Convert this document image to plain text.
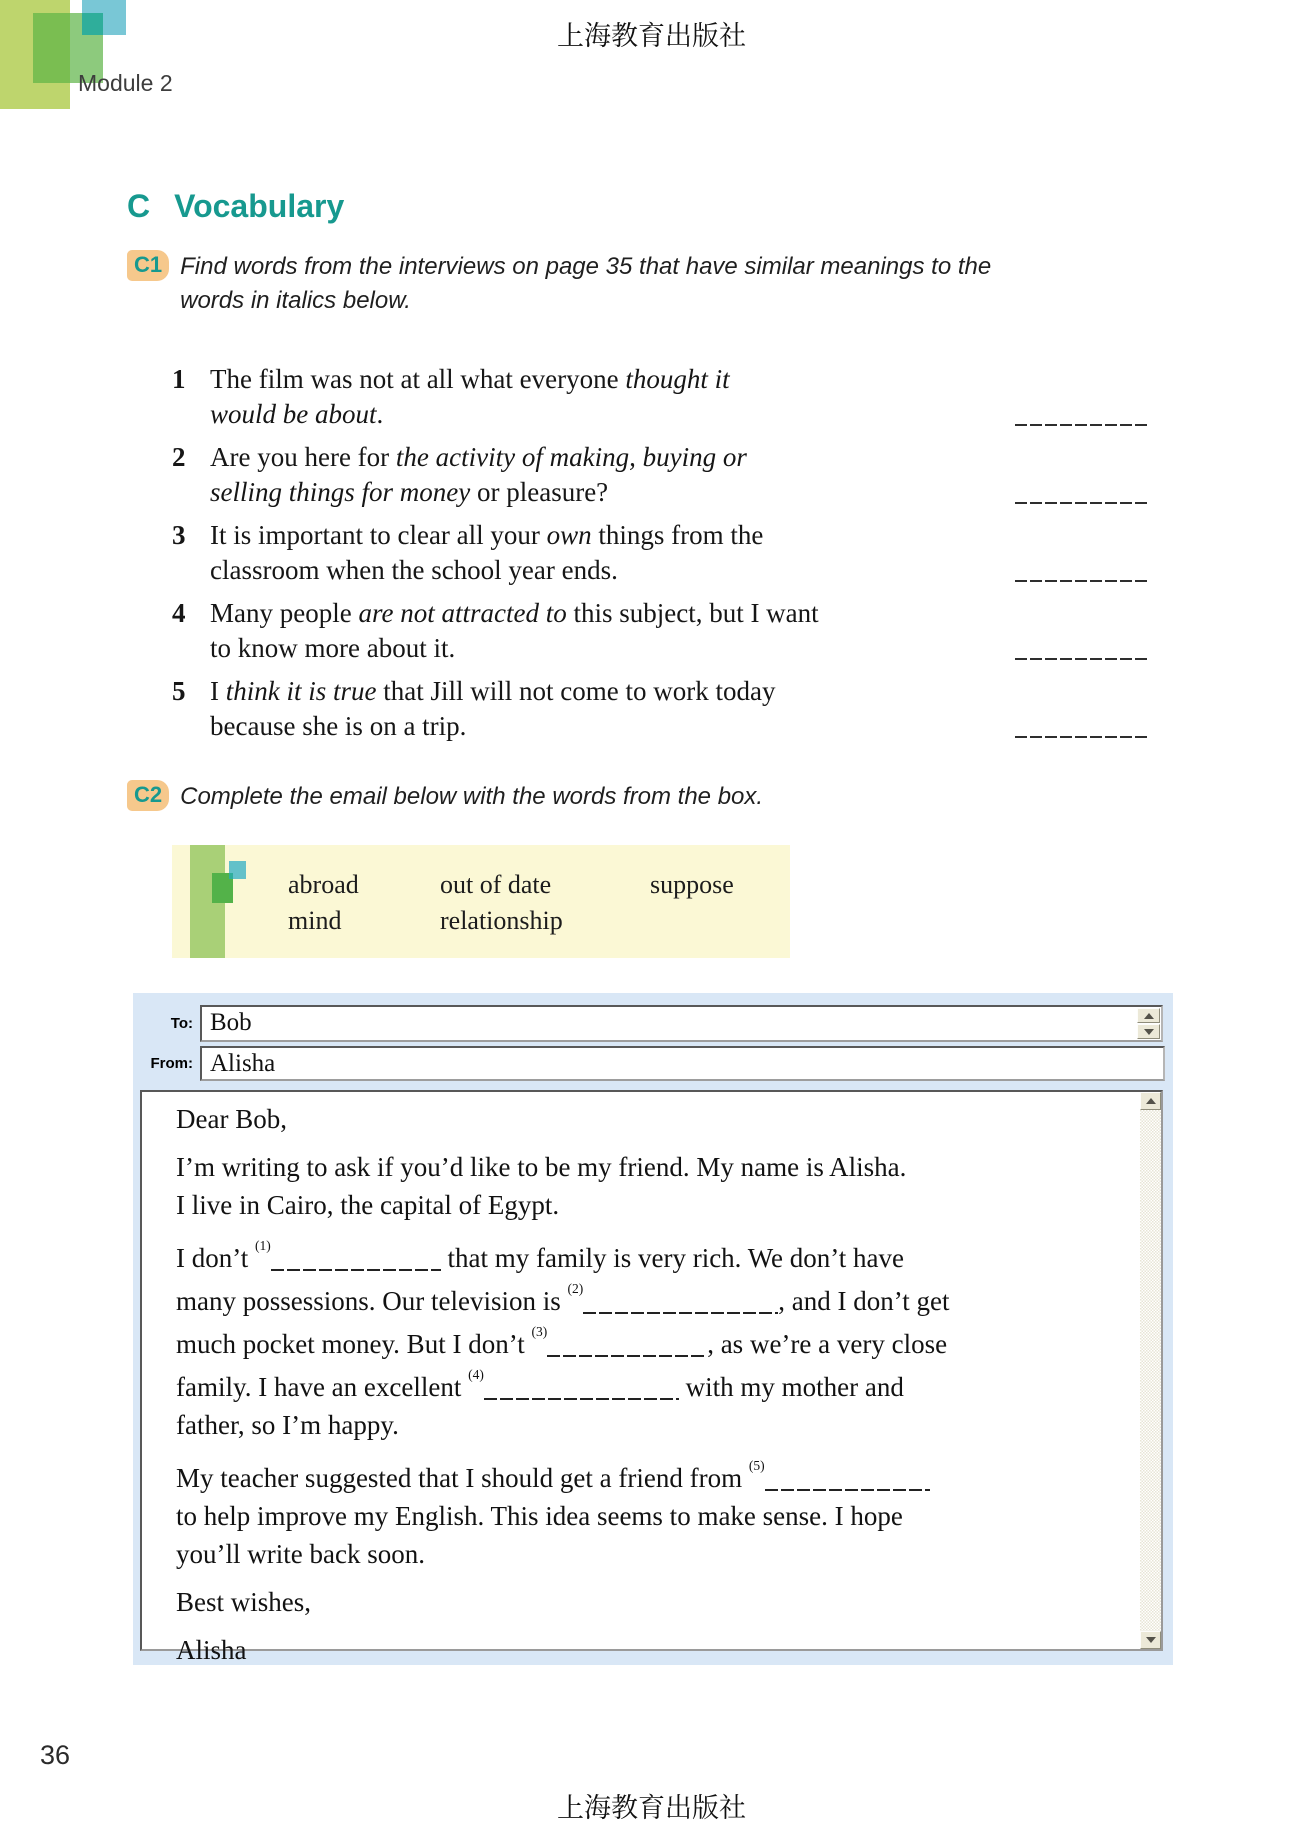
上海教育出版社
Module 2
C Vocabulary
C1 Find words from the interviews on page 35 that have similar meanings to the
words in italics below.
1 The film was not at all what everyone thought it
would be about.
2 Are you here for the activity of making, buying or
selling things for money or pleasure?
3 It is important to clear all your own things from the
classroom when the school year ends.
4 Many people are not attracted to this subject, but I want
to know more about it.
5 I think it is true that Jill will not come to work today
because she is on a trip.
C2 Complete the email below with the words from the box.
abroad	out of date	suppose
mind	relationship
To: Bob
From: Alisha
Dear Bob,
I’m writing to ask if you’d like to be my friend. My name is Alisha.
I live in Cairo, the capital of Egypt.
I don’t $^{(1)}$	that my family is very rich. We don’t have
many possessions. Our television is $^{(2)}$	, and I don’t get
much pocket money. But I don’t $^{(3)}$	, as we’re a very close
family. I have an excellent $^{(4)}$	with my mother and
father, so I’m happy.
My teacher suggested that I should get a friend from $^{(5)}$
to help improve my English. This idea seems to make sense. I hope
you’ll write back soon.
Best wishes,
Alisha
36
上海教育出版社
